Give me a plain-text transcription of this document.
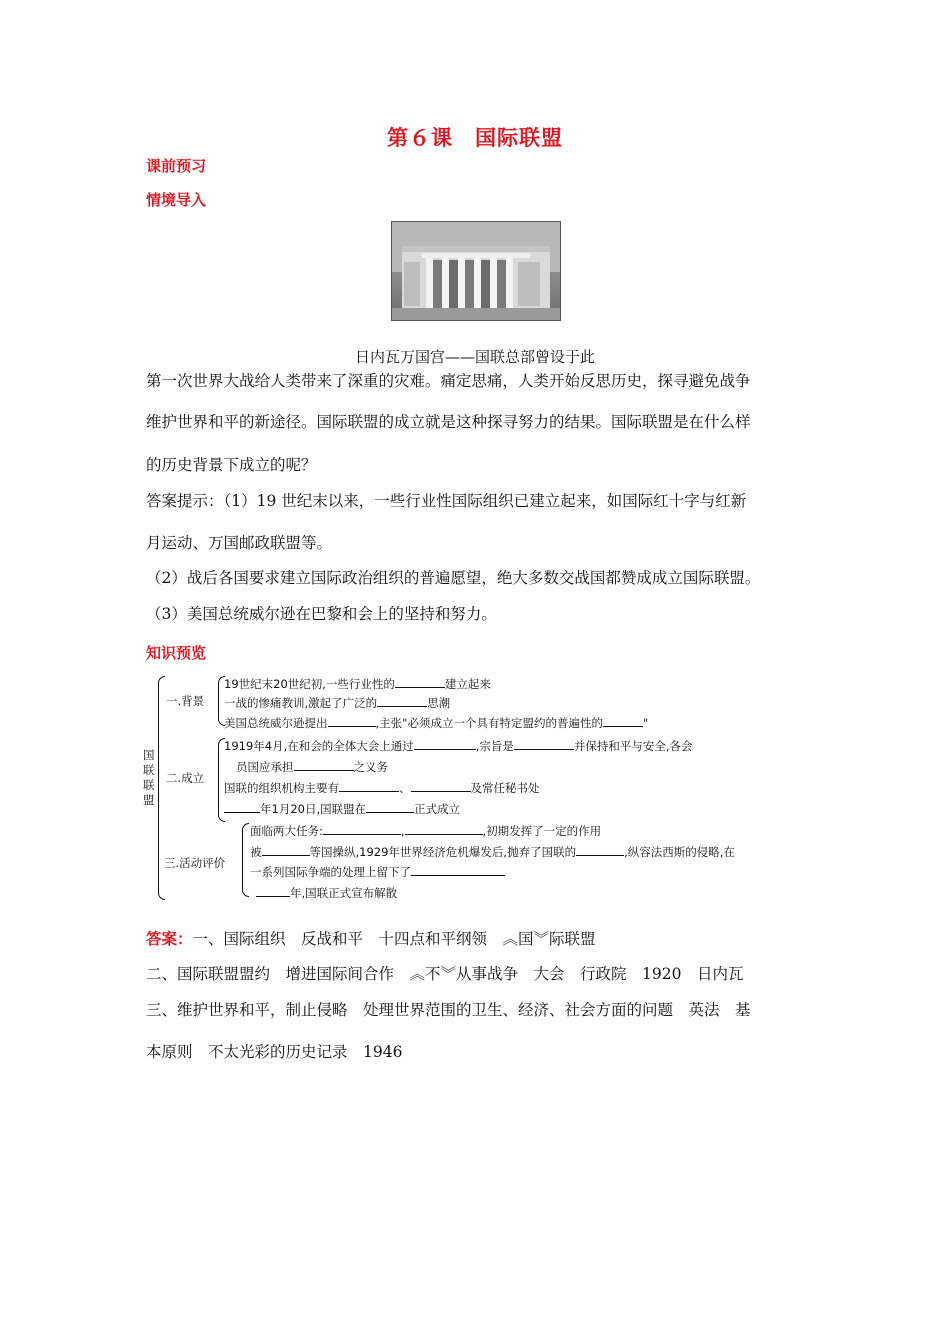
第６课　国际联盟
课前预习
情境导入
日内瓦万国宫——国联总部曾设于此
第一次世界大战给人类带来了深重的灾难。痛定思痛，人类开始反思历史，探寻避免战争
维护世界和平的新途径。国际联盟的成立就是这种探寻努力的结果。国际联盟是在什么样
的历史背景下成立的呢？
答案提示：（1）19 世纪末以来，一些行业性国际组织已建立起来，如国际红十字与红新
月运动、万国邮政联盟等。
（2）战后各国要求建立国际政治组织的普遍愿望，绝大多数交战国都赞成成立国际联盟。
（3）美国总统威尔逊在巴黎和会上的坚持和努力。
知识预览
国联联盟
一.背景
19世纪末20世纪初,一些行业性的	建立起来
一战的惨痛教训,激起了广泛的	思潮
美国总统威尔逊提出	,主张"必须成立一个具有特定盟约的普遍性的	"
二.成立
1919年4月,在和会的全体大会上通过	,宗旨是	并保持和平与安全,各会
员国应承担	之义务
国联的组织机构主要有	、	及常任秘书处
年1月20日,国联盟在	正式成立
三.活动评价
面临两大任务:	,	,初期发挥了一定的作用
被	等国操纵,1929年世界经济危机爆发后,抛弃了国联的	,纵容法西斯的侵略,在
一系列国际争端的处理上留下了
年,国联正式宣布解散
答案：一、国际组织　反战和平　十四点和平纲领　︽国︾际联盟
二、国际联盟盟约　增进国际间合作　︽不︾从事战争　大会　行政院　1920　日内瓦
三、维护世界和平，制止侵略　处理世界范围的卫生、经济、社会方面的问题　英法　基
本原则　不太光彩的历史记录　1946
